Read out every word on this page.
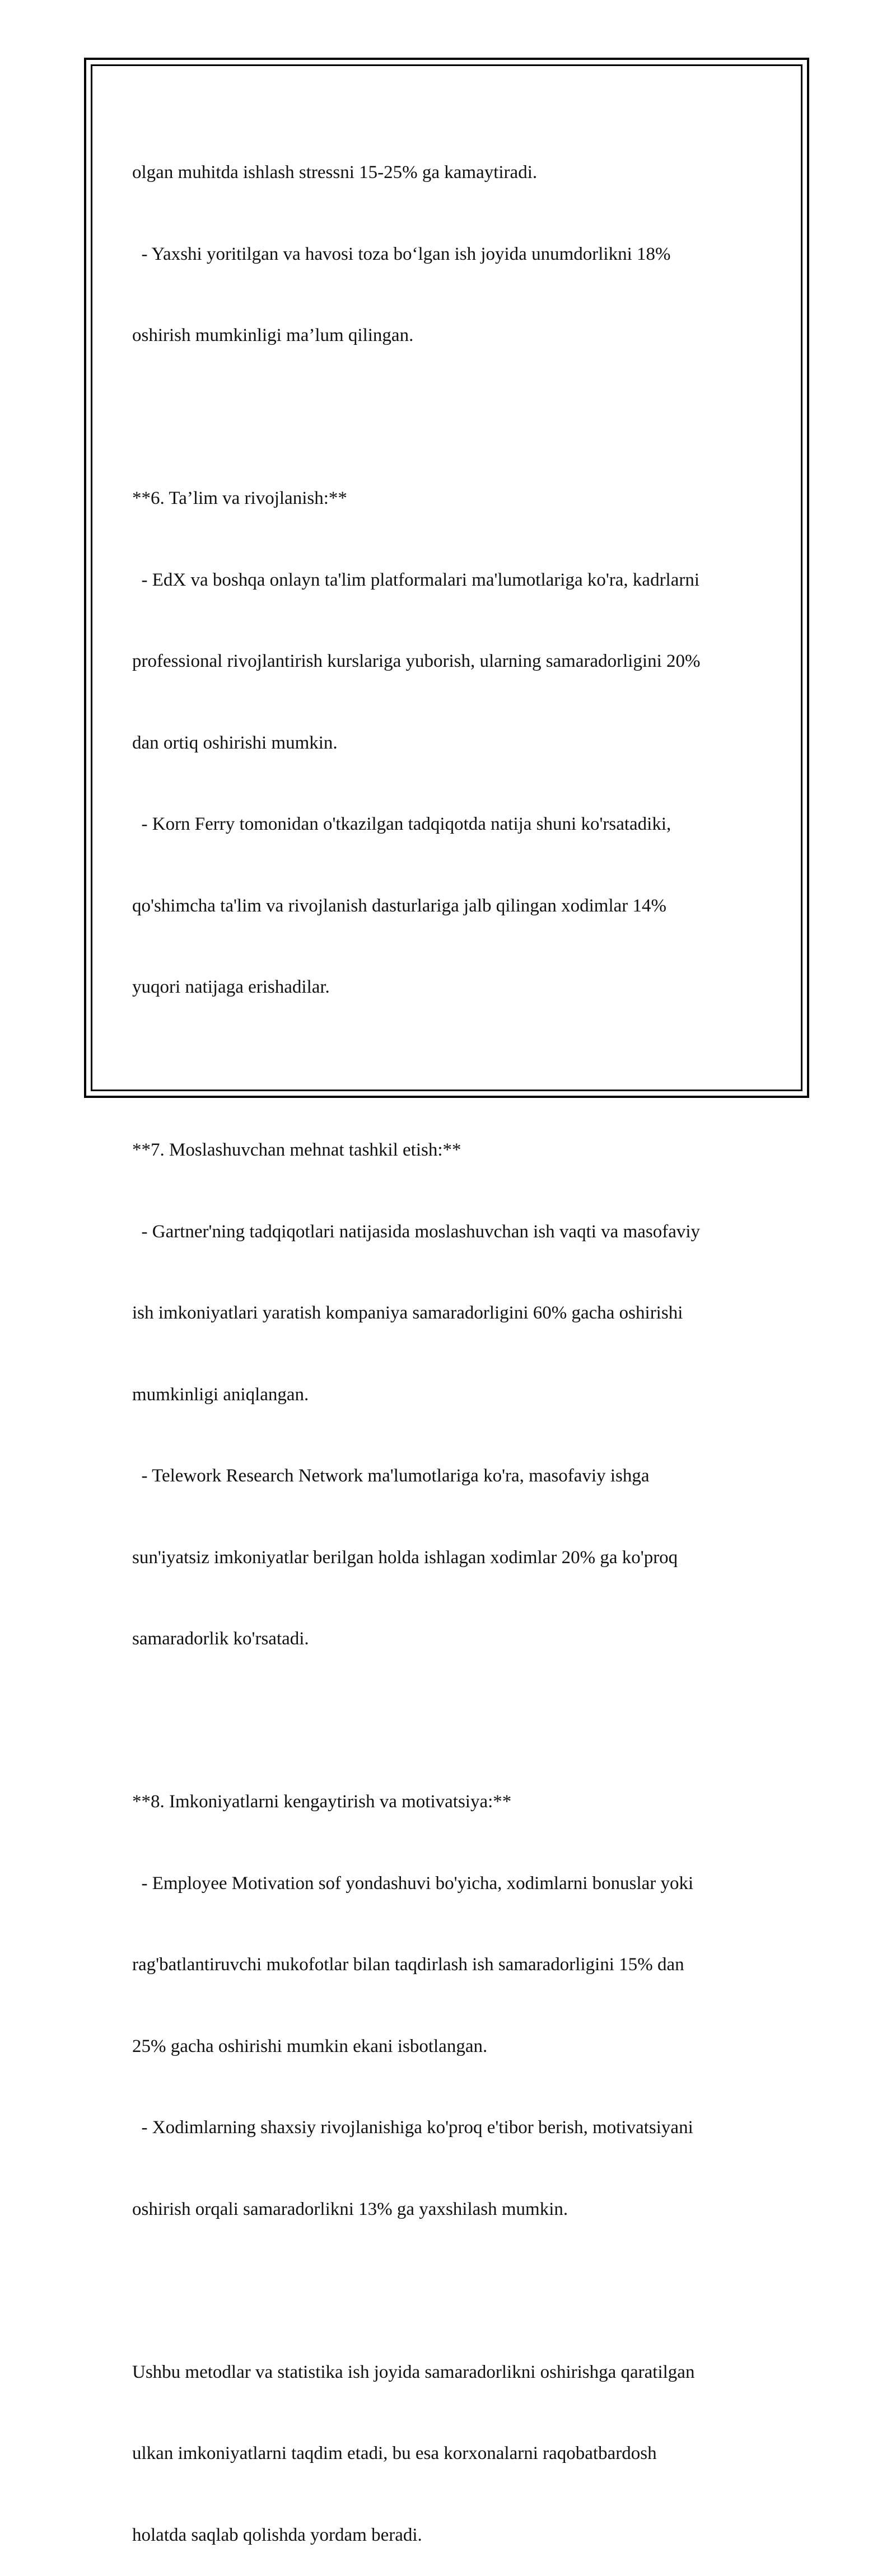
olgan muhitda ishlash stressni 15-25% ga kamaytiradi.

- Yaxshi yoritilgan va havosi toza boʻlgan ish joyida unumdorlikni 18%

oshirish mumkinligi ma’lum qilingan.

**6. Ta’lim va rivojlanish:**

- EdX va boshqa onlayn ta'lim platformalari ma'lumotlariga ko'ra, kadrlarni

professional rivojlantirish kurslariga yuborish, ularning samaradorligini 20%

dan ortiq oshirishi mumkin.

- Korn Ferry tomonidan o'tkazilgan tadqiqotda natija shuni ko'rsatadiki,

qo'shimcha ta'lim va rivojlanish dasturlariga jalb qilingan xodimlar 14%

yuqori natijaga erishadilar.

**7. Moslashuvchan mehnat tashkil etish:**

- Gartner'ning tadqiqotlari natijasida moslashuvchan ish vaqti va masofaviy

ish imkoniyatlari yaratish kompaniya samaradorligini 60% gacha oshirishi

mumkinligi aniqlangan.

- Telework Research Network ma'lumotlariga ko'ra, masofaviy ishga

sun'iyatsiz imkoniyatlar berilgan holda ishlagan xodimlar 20% ga ko'proq

samaradorlik ko'rsatadi.

**8. Imkoniyatlarni kengaytirish va motivatsiya:**

- Employee Motivation sof yondashuvi bo'yicha, xodimlarni bonuslar yoki

rag'batlantiruvchi mukofotlar bilan taqdirlash ish samaradorligini 15% dan

25% gacha oshirishi mumkin ekani isbotlangan.

- Xodimlarning shaxsiy rivojlanishiga ko'proq e'tibor berish, motivatsiyani

oshirish orqali samaradorlikni 13% ga yaxshilash mumkin.

Ushbu metodlar va statistika ish joyida samaradorlikni oshirishga qaratilgan

ulkan imkoniyatlarni taqdim etadi, bu esa korxonalarni raqobatbardosh

holatda saqlab qolishda yordam beradi.
